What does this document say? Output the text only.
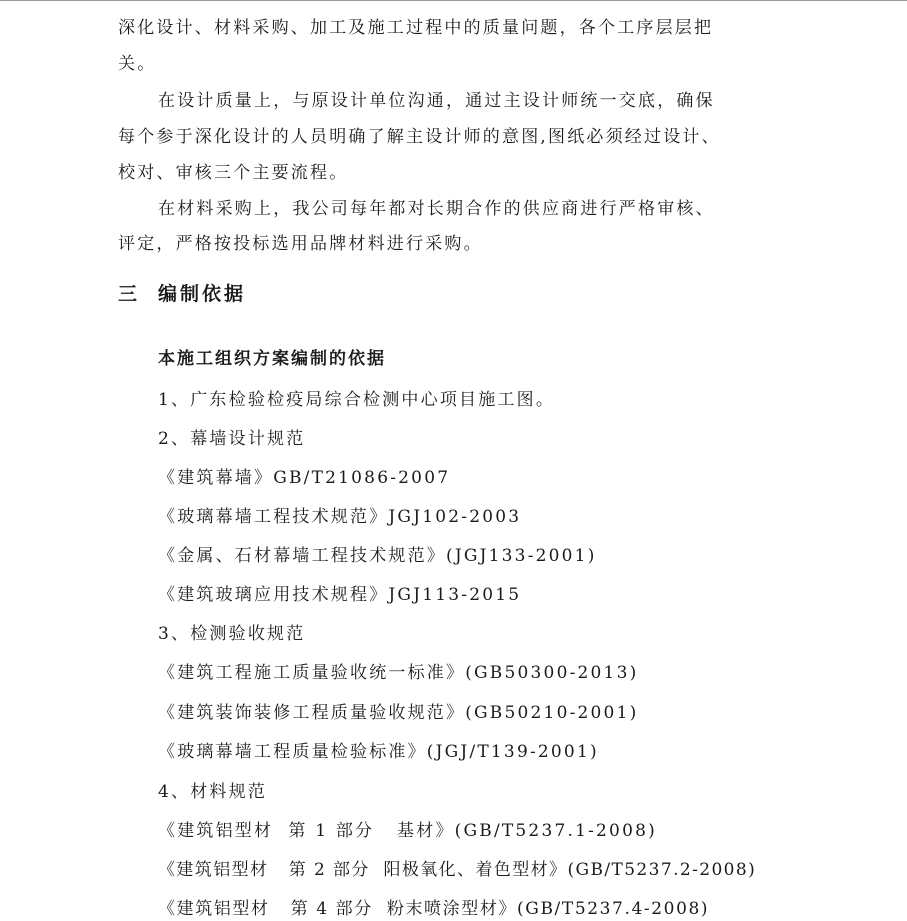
深化设计、材料采购、加工及施工过程中的质量问题，各个工序层层把
关。
在设计质量上，与原设计单位沟通，通过主设计师统一交底，确保
每个参于深化设计的人员明确了解主设计师的意图,图纸必须经过设计、
校对、审核三个主要流程。
在材料采购上，我公司每年都对长期合作的供应商进行严格审核、
评定，严格按投标选用品牌材料进行采购。
三 编制依据
本施工组织方案编制的依据
1、广东检验检疫局综合检测中心项目施工图。
2、幕墙设计规范
《建筑幕墙》GB/T21086-2007
《玻璃幕墙工程技术规范》JGJ102-2003
《金属、石材幕墙工程技术规范》(JGJ133-2001)
《建筑玻璃应用技术规程》JGJ113-2015
3、检测验收规范
《建筑工程施工质量验收统一标准》(GB50300-2013)
《建筑装饰装修工程质量验收规范》(GB50210-2001)
《玻璃幕墙工程质量检验标准》(JGJ/T139-2001)
4、材料规范
《建筑铝型材  第 1 部分   基材》(GB/T5237.1-2008)
《建筑铝型材   第 2 部分  阳极氧化、着色型材》(GB/T5237.2-2008)
《建筑铝型材   第 4 部分  粉末喷涂型材》(GB/T5237.4-2008)
